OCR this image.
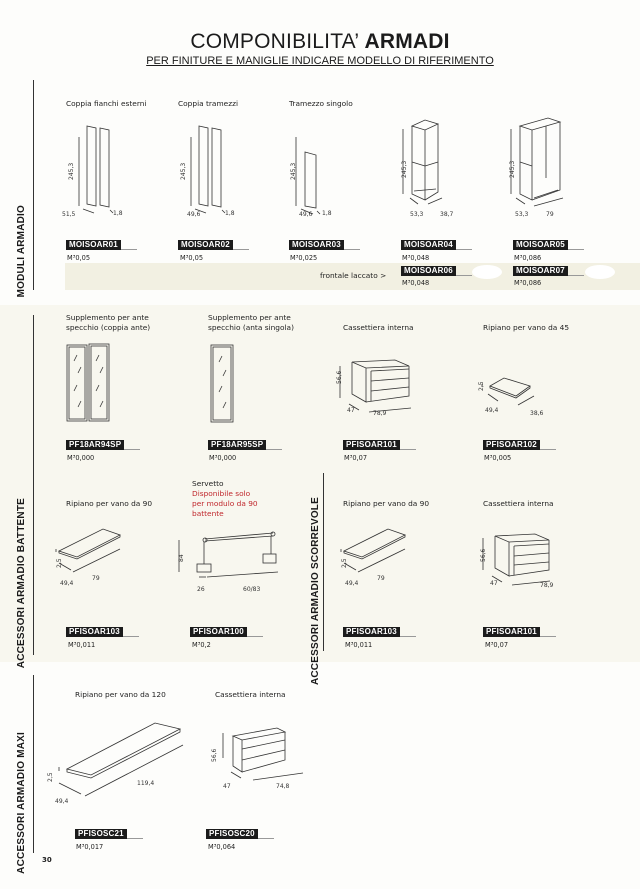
COMPONIBILITA’ ARMADI
PER FINITURE E MANIGLIE INDICARE MODELLO DI RIFERIMENTO
MODULI ARMADIO
Coppia fianchi esterni
245,3
51,5	1,8
MOISOAR01
M³0,05
Coppia tramezzi
245,3
49,6	1,8
MOISOAR02
M³0,05
Tramezzo singolo
245,3
49,6 1,8
MOISOAR03
M³0,025
245,3
53,3	38,7
MOISOAR04
M³0,048
245,3
53,3	79
MOISOAR05
M³0,086
frontale laccato >
MOISOAR06
M³0,048
MOISOAR07
M³0,086
ACCESSORI ARMADIO BATTENTE	ACCESSORI ARMADIO SCORREVOLE
Supplemento per ante
specchio (coppia ante)
PF18AR94SP
M³0,000
Supplemento per ante
specchio (anta singola)
PF18AR95SP
M³0,000
Cassettiera interna
56,6
47	78,9
PFISOAR101
M³0,07
Ripiano per vano da 45
2,5
49,4	38,6
PFISOAR102
M³0,005
Ripiano per vano da 90
2,5
49,4
79
PFISOAR103
M³0,011
Servetto
Disponibile solo
per modulo da 90
battente
84
26	60/83
PFISOAR100
M³0,2
Ripiano per vano da 90
2,5
49,4
79
PFISOAR103
M³0,011
Cassettiera interna
56,6
47	78,9
PFISOAR101
M³0,07
ACCESSORI ARMADIO MAXI
Ripiano per vano da 120
2,5
49,4
119,4
PFISOSC21
M³0,017
Cassettiera interna
56,6
47	74,8
PFISOSC20
M³0,064
30
